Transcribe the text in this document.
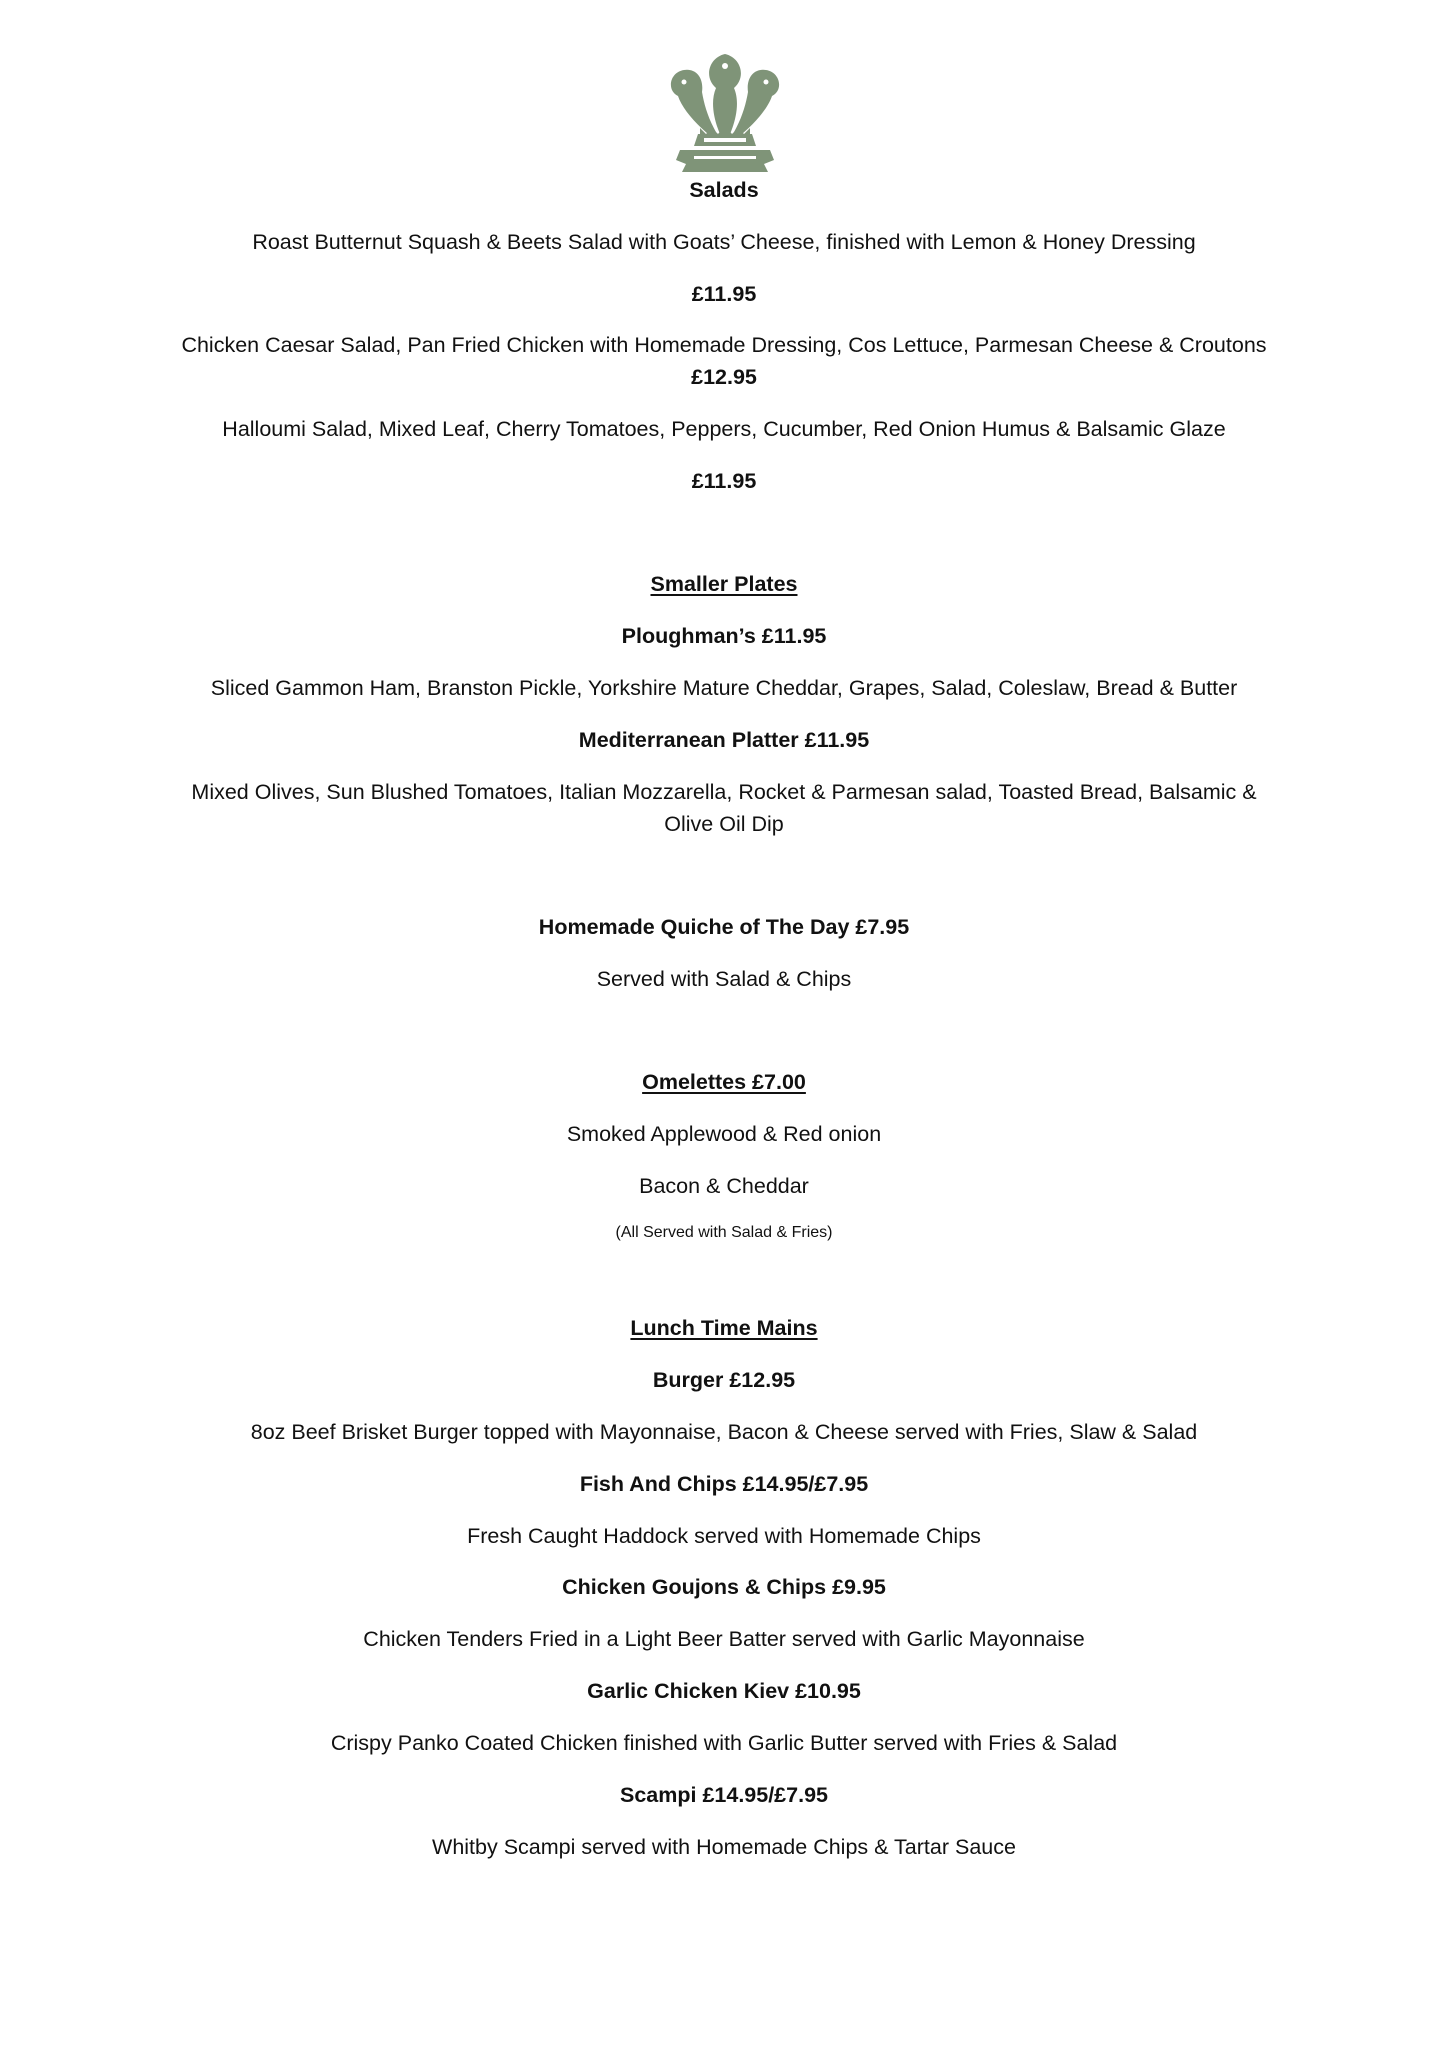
Salads
Roast Butternut Squash & Beets Salad with Goats’ Cheese, finished with Lemon & Honey Dressing
£11.95
Chicken Caesar Salad, Pan Fried Chicken with Homemade Dressing, Cos Lettuce, Parmesan Cheese & Croutons
£12.95
Halloumi Salad, Mixed Leaf, Cherry Tomatoes, Peppers, Cucumber, Red Onion Humus & Balsamic Glaze
£11.95
Smaller Plates
Ploughman’s £11.95
Sliced Gammon Ham, Branston Pickle, Yorkshire Mature Cheddar, Grapes, Salad, Coleslaw, Bread & Butter
Mediterranean Platter £11.95
Mixed Olives, Sun Blushed Tomatoes, Italian Mozzarella, Rocket & Parmesan salad, Toasted Bread, Balsamic &
Olive Oil Dip
Homemade Quiche of The Day £7.95
Served with Salad & Chips
Omelettes £7.00
Smoked Applewood & Red onion
Bacon & Cheddar
(All Served with Salad & Fries)
Lunch Time Mains
Burger £12.95
8oz Beef Brisket Burger topped with Mayonnaise, Bacon & Cheese served with Fries, Slaw & Salad
Fish And Chips £14.95/£7.95
Fresh Caught Haddock served with Homemade Chips
Chicken Goujons & Chips £9.95
Chicken Tenders Fried in a Light Beer Batter served with Garlic Mayonnaise
Garlic Chicken Kiev £10.95
Crispy Panko Coated Chicken finished with Garlic Butter served with Fries & Salad
Scampi £14.95/£7.95
Whitby Scampi served with Homemade Chips & Tartar Sauce
